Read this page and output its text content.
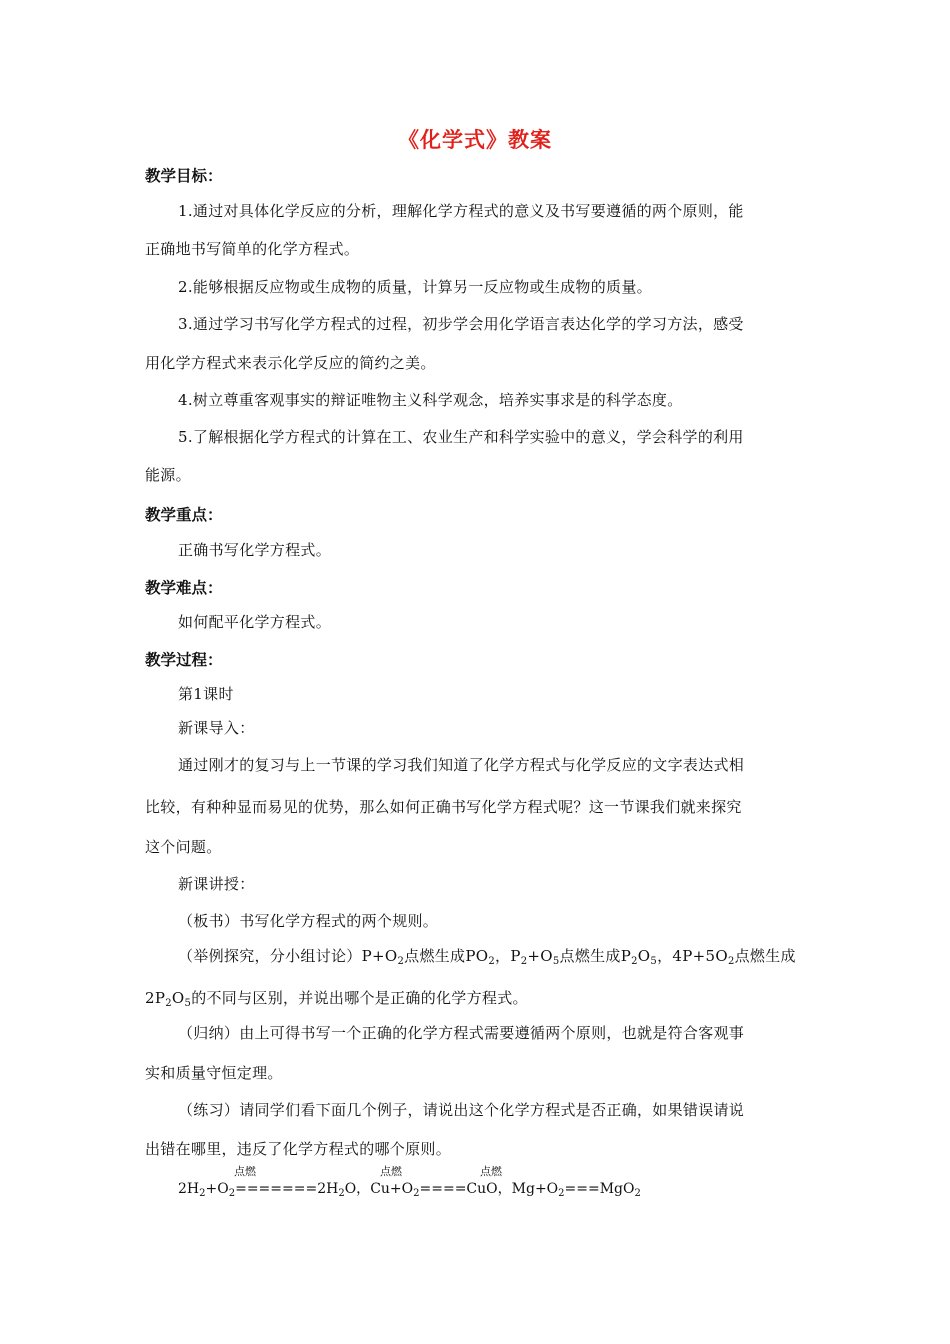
《化学式》教案
教学目标：
1.通过对具体化学反应的分析，理解化学方程式的意义及书写要遵循的两个原则，能
正确地书写简单的化学方程式。
2.能够根据反应物或生成物的质量，计算另一反应物或生成物的质量。
3.通过学习书写化学方程式的过程，初步学会用化学语言表达化学的学习方法，感受
用化学方程式来表示化学反应的简约之美。
4.树立尊重客观事实的辩证唯物主义科学观念，培养实事求是的科学态度。
5.了解根据化学方程式的计算在工、农业生产和科学实验中的意义，学会科学的利用
能源。
教学重点：
正确书写化学方程式。
教学难点：
如何配平化学方程式。
教学过程：
第1课时
新课导入：
通过刚才的复习与上一节课的学习我们知道了化学方程式与化学反应的文字表达式相
比较，有种种显而易见的优势，那么如何正确书写化学方程式呢？这一节课我们就来探究
这个问题。
新课讲授：
（板书）书写化学方程式的两个规则。
（举例探究，分小组讨论）$P+O_2$点燃生成$PO_2$，$P_2+O_5$点燃生成$P_2O_5$，$4P+5O_2$点燃生成
$2P_2O_5$的不同与区别，并说出哪个是正确的化学方程式。
（归纳）由上可得书写一个正确的化学方程式需要遵循两个原则，也就是符合客观事
实和质量守恒定理。
（练习）请同学们看下面几个例子，请说出这个化学方程式是否正确，如果错误请说
出错在哪里，违反了化学方程式的哪个原则。
点燃	点燃	点燃
$2H_2+O_2=======2H_2O$，$Cu+O_2====CuO$，$Mg+O_2===MgO_2$
